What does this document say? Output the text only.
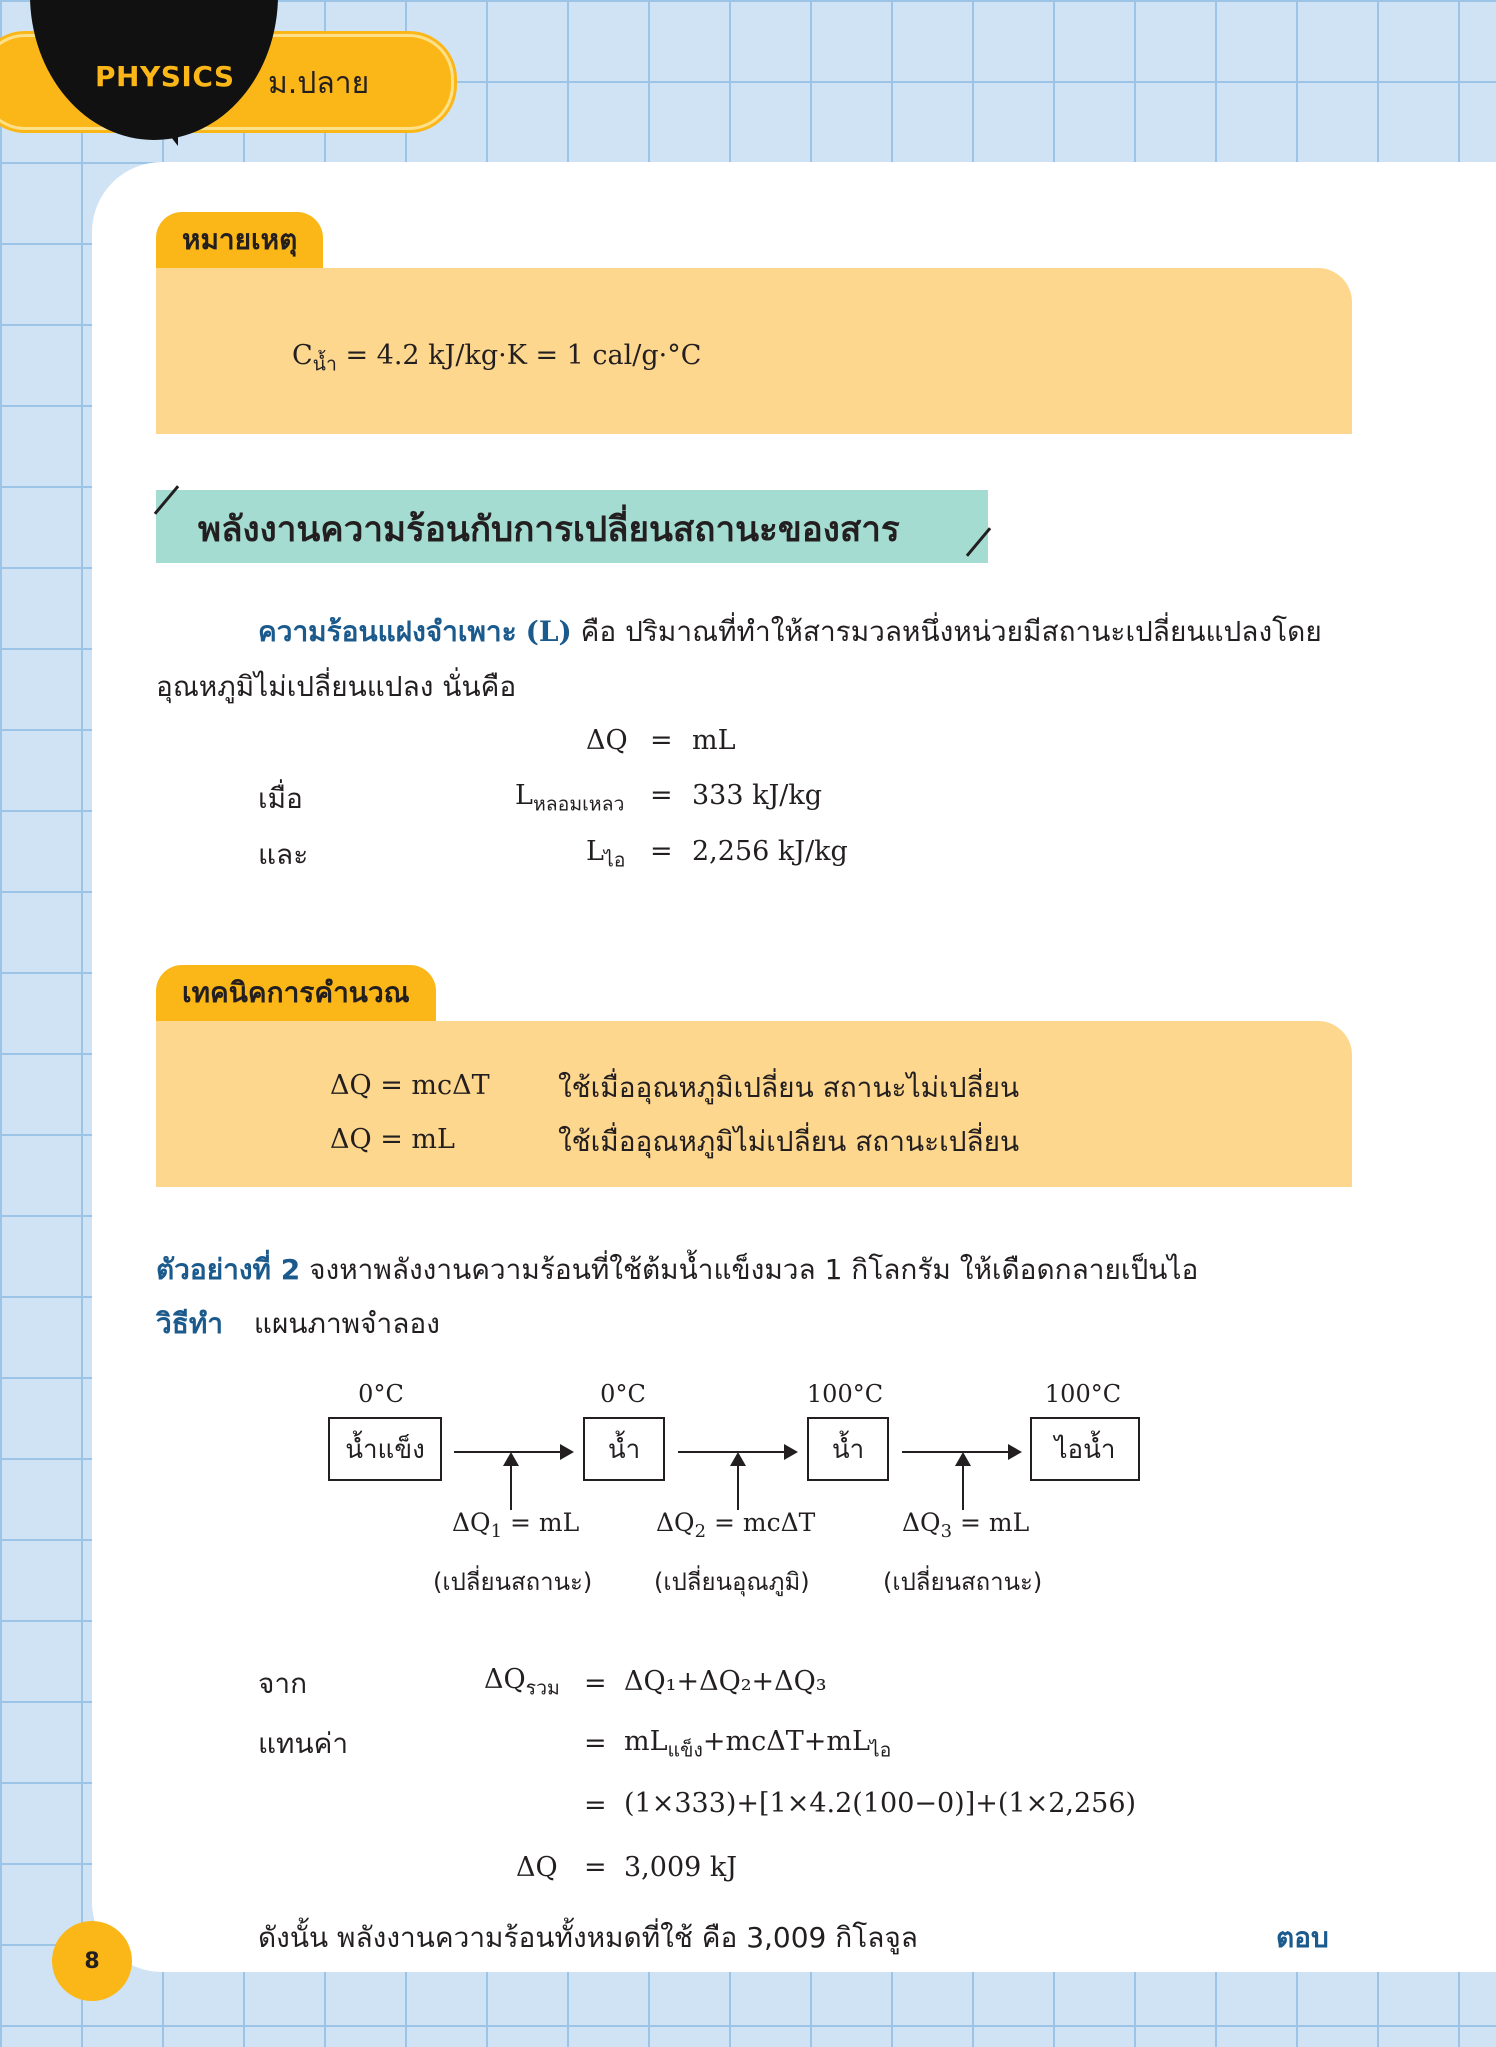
PHYSICS ม.ปลาย
หมายเหตุ
$C_{น้ำ} = 4.2$ kJ/kg·K = 1 cal/g·°C
พลังงานความร้อนกับการเปลี่ยนสถานะของสาร
ความร้อนแฝงจำเพาะ (L) คือ ปริมาณที่ทำให้สารมวลหนึ่งหน่วยมีสถานะเปลี่ยนแปลงโดย
อุณหภูมิไม่เปลี่ยนแปลง นั่นคือ
ΔQ = mL
เมื่อ	$L_{หลอมเหลว} = 333$ kJ/kg
และ	$L_{ไอ} = 2,256$ kJ/kg
เทคนิคการคำนวณ
ΔQ = mcΔT ใช้เมื่ออุณหภูมิเปลี่ยน สถานะไม่เปลี่ยน
ΔQ = mL	ใช้เมื่ออุณหภูมิไม่เปลี่ยน สถานะเปลี่ยน
ตัวอย่างที่ 2 จงหาพลังงานความร้อนที่ใช้ต้มน้ำแข็งมวล 1 กิโลกรัม ให้เดือดกลายเป็นไอ
วิธีทำ แผนภาพจำลอง
0°C	0°C	100°C	100°C
น้ำแข็ง	น้ำ	น้ำ	ไอน้ำ
$\Delta Q_1$ = mL	$\Delta Q_2 = mc\Delta T$	$\Delta Q_3$ = mL
(เปลี่ยนสถานะ)	(เปลี่ยนอุณภูมิ)	(เปลี่ยนสถานะ)
จาก	$\Delta Q_{รวม} = \Delta Q_1+\Delta Q_2+\Delta Q_3$
แทนค่า	= $mL_{แข็ง}+mc\Delta T+mL_{ไอ}$
= (1×333)+[1×4.2(100−0)]+(1×2,256)
ΔQ = 3,009 kJ
ดังนั้น พลังงานความร้อนทั้งหมดที่ใช้ คือ 3,009 กิโลจูล	ตอบ
8
